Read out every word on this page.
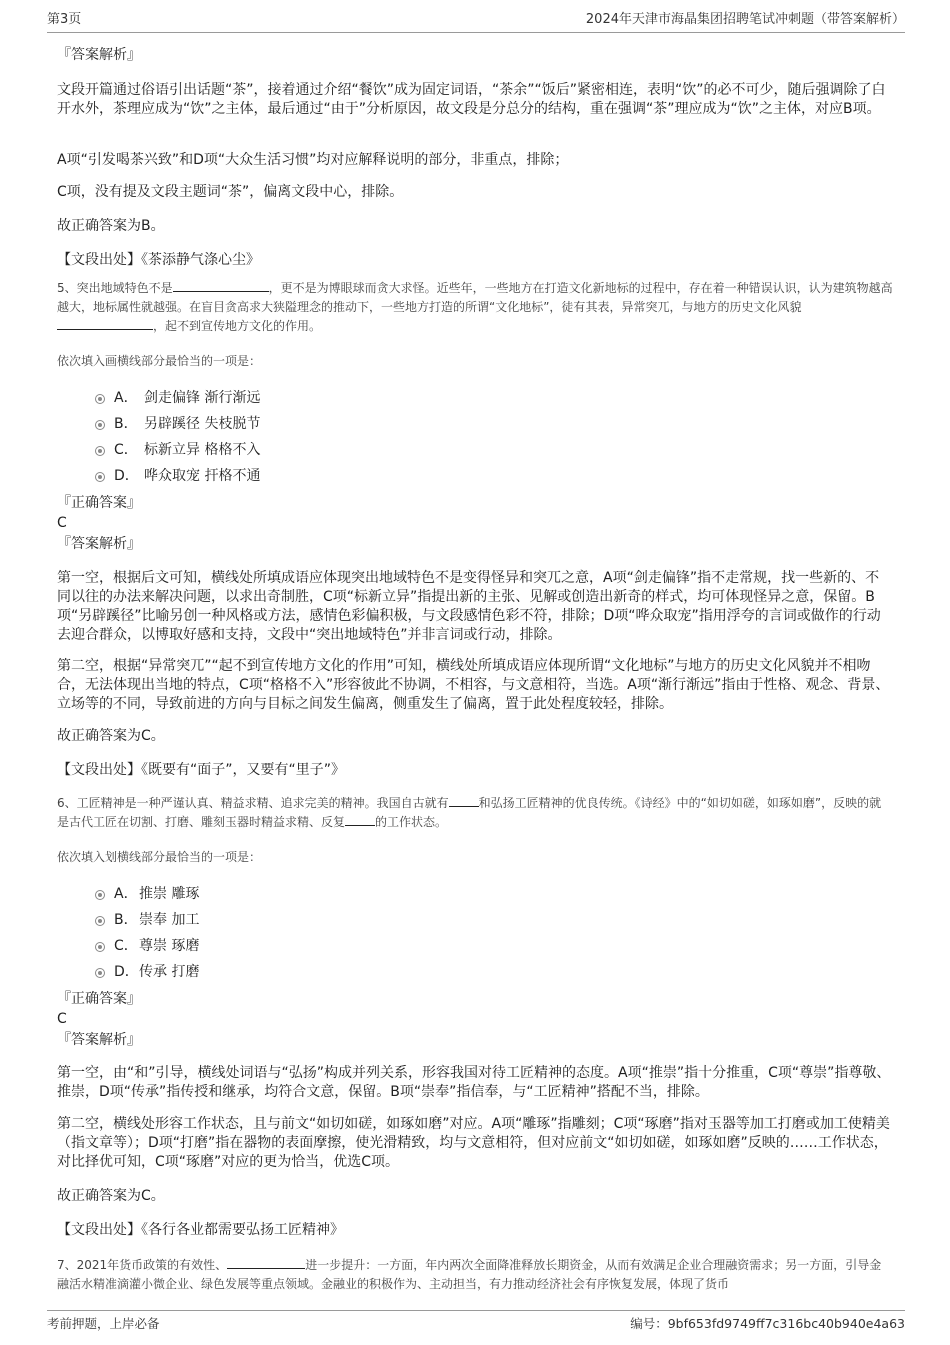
第3页	2024年天津市海晶集团招聘笔试冲刺题（带答案解析）
『答案解析』
文段开篇通过俗语引出话题“茶”，接着通过介绍“餐饮”成为固定词语，“茶余”“饭后”紧密相连，表明“饮”的必不可少，随后强调除了白开水外，茶理应成为“饮”之主体，最后通过“由于”分析原因，故文段是分总分的结构，重在强调“茶”理应成为“饮”之主体，对应B项。
A项“引发喝茶兴致”和D项“大众生活习惯”均对应解释说明的部分，非重点，排除；
C项，没有提及文段主题词“茶”，偏离文段中心，排除。
故正确答案为B。
【文段出处】《茶添静气涤心尘》
5、突出地域特色不是	，更不是为博眼球而贪大求怪。近些年，一些地方在打造文化新地标的过程中，存在着一种错误认识，认为建筑物越高越大，地标属性就越强。在盲目贪高求大狭隘理念的推动下，一些地方打造的所谓“文化地标”，徒有其表，异常突兀，与地方的历史文化风貌，起不到宣传地方文化的作用。
依次填入画横线部分最恰当的一项是：
A． 剑走偏锋 渐行渐远
B． 另辟蹊径 失枝脱节
C． 标新立异 格格不入
D． 哗众取宠 扞格不通
『正确答案』
C
『答案解析』
第一空，根据后文可知，横线处所填成语应体现突出地域特色不是变得怪异和突兀之意，A项“剑走偏锋”指不走常规，找一些新的、不同以往的办法来解决问题，以求出奇制胜，C项“标新立异”指提出新的主张、见解或创造出新奇的样式，均可体现怪异之意，保留。B项“另辟蹊径”比喻另创一种风格或方法，感情色彩偏积极，与文段感情色彩不符，排除；D项“哗众取宠”指用浮夸的言词或做作的行动去迎合群众，以博取好感和支持，文段中“突出地域特色”并非言词或行动，排除。
第二空，根据“异常突兀”“起不到宣传地方文化的作用”可知，横线处所填成语应体现所谓“文化地标”与地方的历史文化风貌并不相吻合，无法体现出当地的特点，C项“格格不入”形容彼此不协调，不相容，与文意相符，当选。A项“渐行渐远”指由于性格、观念、背景、立场等的不同，导致前进的方向与目标之间发生偏离，侧重发生了偏离，置于此处程度较轻，排除。
故正确答案为C。
【文段出处】《既要有“面子”，又要有“里子”》
6、工匠精神是一种严谨认真、精益求精、追求完美的精神。我国自古就有	和弘扬工匠精神的优良传统。《诗经》中的“如切如磋，如琢如磨”，反映的就是古代工匠在切割、打磨、雕刻玉器时精益求精、反复	的工作状态。
依次填入划横线部分最恰当的一项是：
A． 推崇 雕琢
B． 崇奉 加工
C． 尊崇 琢磨
D． 传承 打磨
『正确答案』
C
『答案解析』
第一空，由“和”引导，横线处词语与“弘扬”构成并列关系，形容我国对待工匠精神的态度。A项“推崇”指十分推重，C项“尊崇”指尊敬、推崇，D项“传承”指传授和继承，均符合文意，保留。B项“崇奉”指信奉，与“工匠精神”搭配不当，排除。
第二空，横线处形容工作状态，且与前文“如切如磋，如琢如磨”对应。A项“雕琢”指雕刻；C项“琢磨”指对玉器等加工打磨或加工使精美（指文章等）；D项“打磨”指在器物的表面摩擦，使光滑精致，均与文意相符，但对应前文“如切如磋，如琢如磨”反映的……工作状态，对比择优可知，C项“琢磨”对应的更为恰当，优选C项。
故正确答案为C。
【文段出处】《各行各业都需要弘扬工匠精神》
7、2021年货币政策的有效性、	进一步提升：一方面，年内两次全面降准释放长期资金，从而有效满足企业合理融资需求；另一方面，引导金融活水精准滴灌小微企业、绿色发展等重点领域。金融业的积极作为、主动担当，有力推动经济社会有序恢复发展，体现了货币
考前押题，上岸必备	编号：9bf653fd9749ff7c316bc40b940e4a63
